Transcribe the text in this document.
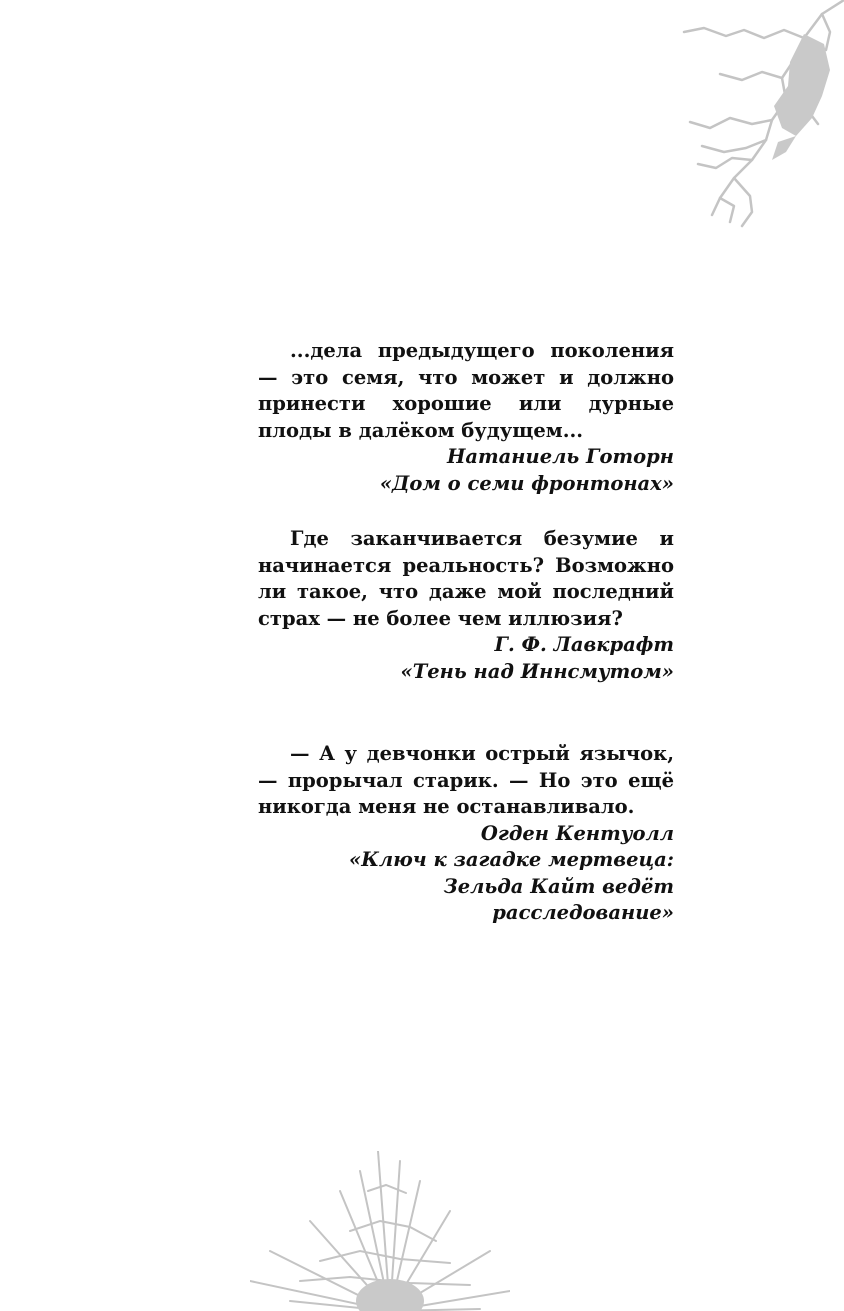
...дела предыдущего поколения — это семя, что может и должно принести хорошие или дурные плоды в далёком будущем...

Натаниель Готорн
«Дом о семи фронтонах»

Где заканчивается безумие и начинается реальность? Возможно ли такое, что даже мой последний страх — не более чем иллюзия?

Г. Ф. Лавкрафт
«Тень над Иннсмутом»

— А у девчонки острый язычок, — прорычал старик. — Но это ещё никогда меня не останавливало.

Огден Кентуолл
«Ключ к загадке мертвеца:
Зельда Кайт ведёт расследование»
